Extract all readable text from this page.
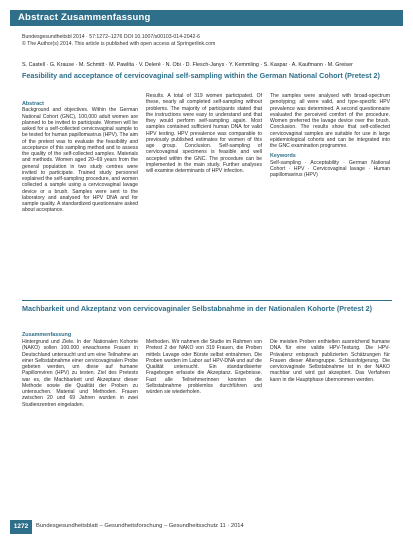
Abstract Zusammenfassung
Bundesgesundheitsbl 2014 · 57:1272–1276 DOI 10.1007/s00103-014-2042-6
© The Author(s) 2014. This article is published with open access at Springerlink.com
S. Castell · G. Krause · M. Schmitt · M. Pawlita · V. Deleré · N. Obi · D. Flesch-Janys · Y. Kemmling · S. Kaspar · A. Kaufmann · M. Greiser
Feasibility and acceptance of cervicovaginal self-sampling within the German National Cohort (Pretest 2)
Abstract
Background and objectives. Within the German National Cohort (GNC), 100,000 adult women are planned to be invited to participate. Women will be asked for a self-collected cervicovaginal sample to be tested for human papillomavirus (HPV). The aim of the pretest was to evaluate the feasibility and acceptance of this sampling method and to assess the quality of the self-collected samples. Materials and methods. Women aged 20–69 years from the general population in two study centres were invited to participate. Trained study personnel explained the self-sampling procedure, and women collected a sample using a cervicovaginal lavage device or a brush. Samples were sent to the laboratory and analysed for HPV DNA and for sample quality. A standardized questionnaire asked about acceptance.
Results. A total of 319 women participated. Of these, nearly all completed self-sampling without problems. The majority of participants stated that the instructions were easy to understand and that they would perform self-sampling again. Most samples contained sufficient human DNA for valid HPV testing. HPV prevalence was comparable to previously published estimates for women of this age group. Conclusion. Self-sampling of cervicovaginal specimens is feasible and well accepted within the GNC. The procedure can be implemented in the main study. Further analyses will examine determinants of HPV infection.
The samples were analysed with broad-spectrum genotyping; all were valid, and type-specific HPV prevalence was determined. A second questionnaire evaluated the perceived comfort of the procedure. Women preferred the lavage device over the brush. Conclusion. The results show that self-collected cervicovaginal samples are suitable for use in large epidemiological cohorts and can be integrated into the GNC examination programme.
Keywords
Self-sampling · Acceptability · German National Cohort · HPV · Cervicovaginal lavage · Human papillomavirus (HPV)
Machbarkeit und Akzeptanz von cervicovaginaler Selbstabnahme in der Nationalen Kohorte (Pretest 2)
Zusammenfassung
Hintergrund und Ziele. In der Nationalen Kohorte (NAKO) sollen 100.000 erwachsene Frauen in Deutschland untersucht und um eine Teilnahme an einer Selbstabnahme einer cervicovaginalen Probe gebeten werden, um diese auf humane Papillomviren (HPV) zu testen. Ziel des Pretests war es, die Machbarkeit und Akzeptanz dieser Methode sowie die Qualität der Proben zu untersuchen. Material und Methoden. Frauen zwischen 20 und 69 Jahren wurden in zwei Studienzentren eingeladen.
Methoden. Wir nahmen die Studie im Rahmen von Pretest 2 der NAKO von 319 Frauen, die Proben mittels Lavage oder Bürste selbst entnahmen. Die Proben wurden im Labor auf HPV-DNA und auf die Qualität untersucht. Ein standardisierter Fragebogen erfasste die Akzeptanz. Ergebnisse. Fast alle Teilnehmerinnen konnten die Selbstabnahme problemlos durchführen und würden sie wiederholen.
Die meisten Proben enthielten ausreichend humane DNA für eine valide HPV-Testung. Die HPV-Prävalenz entsprach publizierten Schätzungen für Frauen dieser Altersgruppe. Schlussfolgerung. Die cervicovaginale Selbstabnahme ist in der NAKO machbar und wird gut akzeptiert. Das Verfahren kann in die Hauptphase übernommen werden.
1272	Bundesgesundheitsblatt – Gesundheitsforschung – Gesundheitsschutz 11 · 2014
